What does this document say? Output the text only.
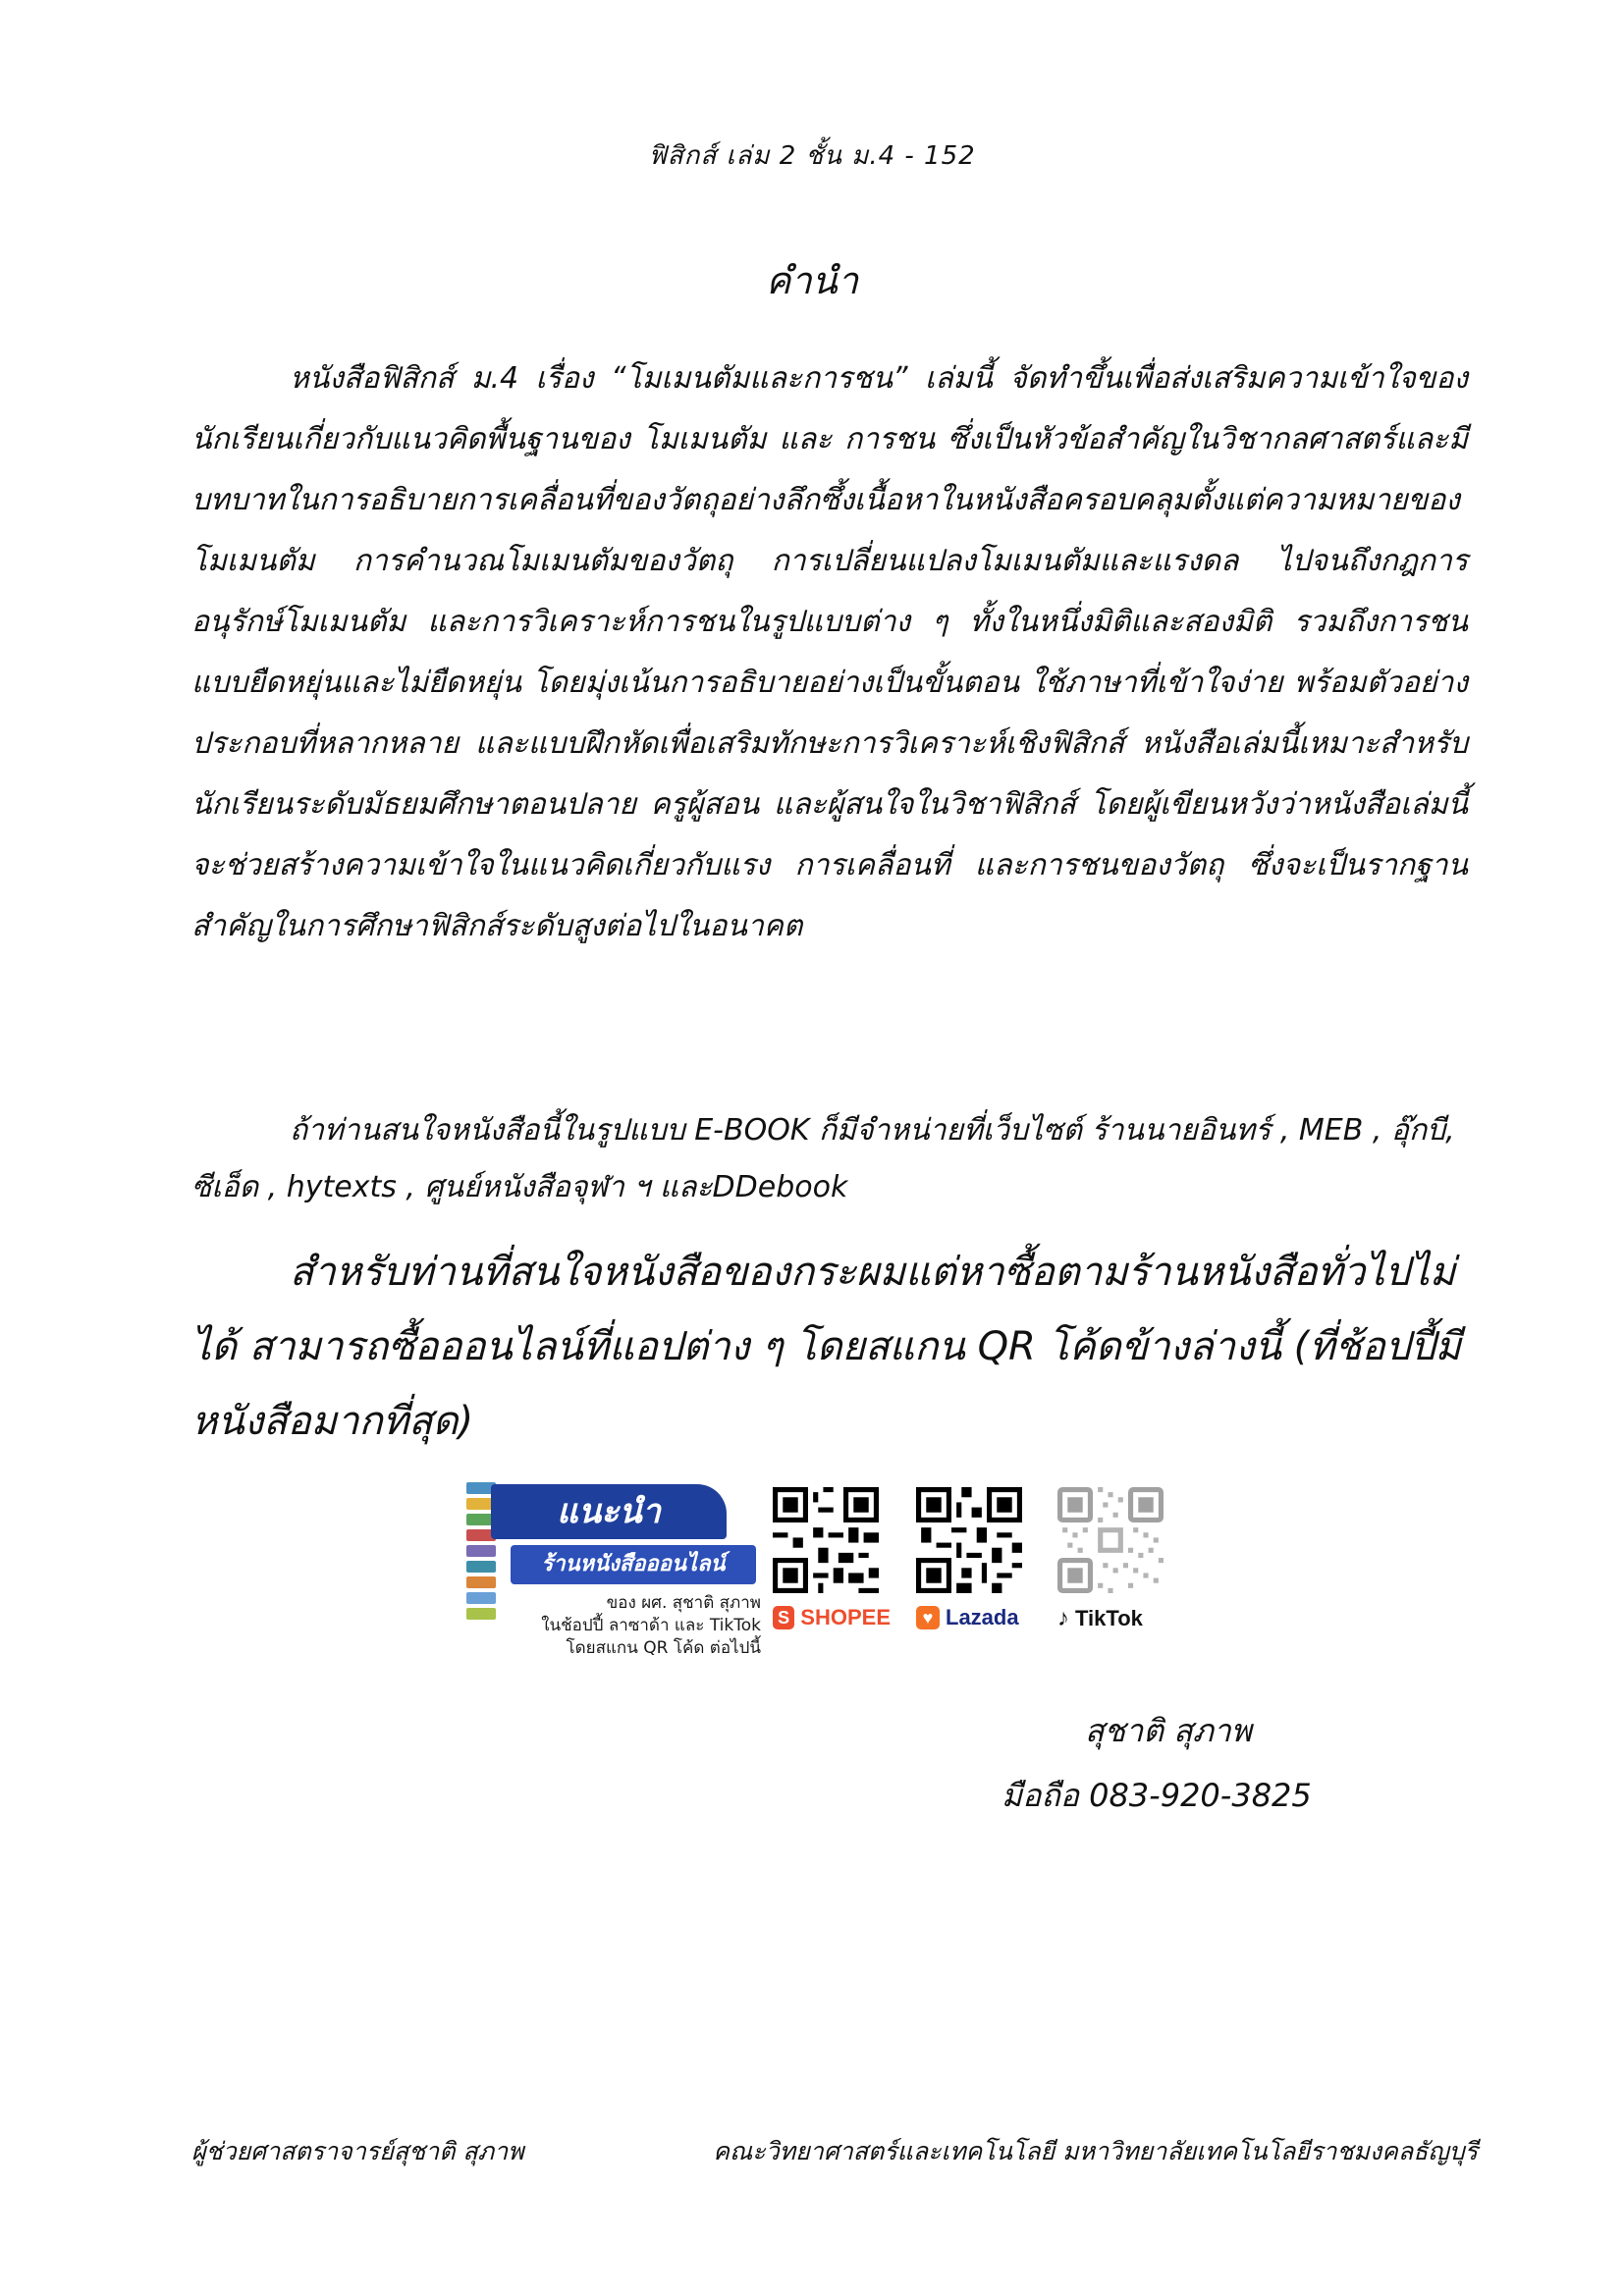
ฟิสิกส์ เล่ม 2 ชั้น ม.4 - 152
คำนำ

หนังสือฟิสิกส์ ม.4 เรื่อง “โมเมนตัมและการชน” เล่มนี้ จัดทำขึ้นเพื่อส่งเสริมความเข้าใจของนักเรียนเกี่ยวกับแนวคิดพื้นฐานของ โมเมนตัม และ การชน ซึ่งเป็นหัวข้อสำคัญในวิชากลศาสตร์และมีบทบาทในการอธิบายการเคลื่อนที่ของวัตถุอย่างลึกซึ้งเนื้อหาในหนังสือครอบคลุมตั้งแต่ความหมายของโมเมนตัม การคำนวณโมเมนตัมของวัตถุ การเปลี่ยนแปลงโมเมนตัมและแรงดล ไปจนถึงกฎการอนุรักษ์โมเมนตัม และการวิเคราะห์การชนในรูปแบบต่าง ๆ ทั้งในหนึ่งมิติและสองมิติ รวมถึงการชนแบบยืดหยุ่นและไม่ยืดหยุ่น โดยมุ่งเน้นการอธิบายอย่างเป็นขั้นตอน ใช้ภาษาที่เข้าใจง่าย พร้อมตัวอย่างประกอบที่หลากหลาย และแบบฝึกหัดเพื่อเสริมทักษะการวิเคราะห์เชิงฟิสิกส์ หนังสือเล่มนี้เหมาะสำหรับนักเรียนระดับมัธยมศึกษาตอนปลาย ครูผู้สอน และผู้สนใจในวิชาฟิสิกส์ โดยผู้เขียนหวังว่าหนังสือเล่มนี้จะช่วยสร้างความเข้าใจในแนวคิดเกี่ยวกับแรง การเคลื่อนที่ และการชนของวัตถุ ซึ่งจะเป็นรากฐานสำคัญในการศึกษาฟิสิกส์ระดับสูงต่อไปในอนาคต

ถ้าท่านสนใจหนังสือนี้ในรูปแบบ E-BOOK ก็มีจำหน่ายที่เว็บไซต์ ร้านนายอินทร์ , MEB , อุ๊กบี, ซีเอ็ด , hytexts , ศูนย์หนังสือจุฬา ฯ และDDebook

สำหรับท่านที่สนใจหนังสือของกระผมแต่หาซื้อตามร้านหนังสือทั่วไปไม่ได้ สามารถซื้อออนไลน์ที่แอปต่าง ๆ โดยสแกน QR โค้ดข้างล่างนี้ (ที่ช้อปปี้มีหนังสือมากที่สุด)

แนะนำ
ร้านหนังสือออนไลน์
ของ ผศ. สุชาติ สุภาพ
ในช้อปปี้ ลาซาด้า และ TikTok
โดยสแกน QR โค้ด ต่อไปนี้
S SHOPEE	♥ Lazada ♪ TikTok
สุชาติ สุภาพ
มือถือ 083-920-3825
ผู้ช่วยศาสตราจารย์สุชาติ สุภาพ	คณะวิทยาศาสตร์และเทคโนโลยี มหาวิทยาลัยเทคโนโลยีราชมงคลธัญบุรี
